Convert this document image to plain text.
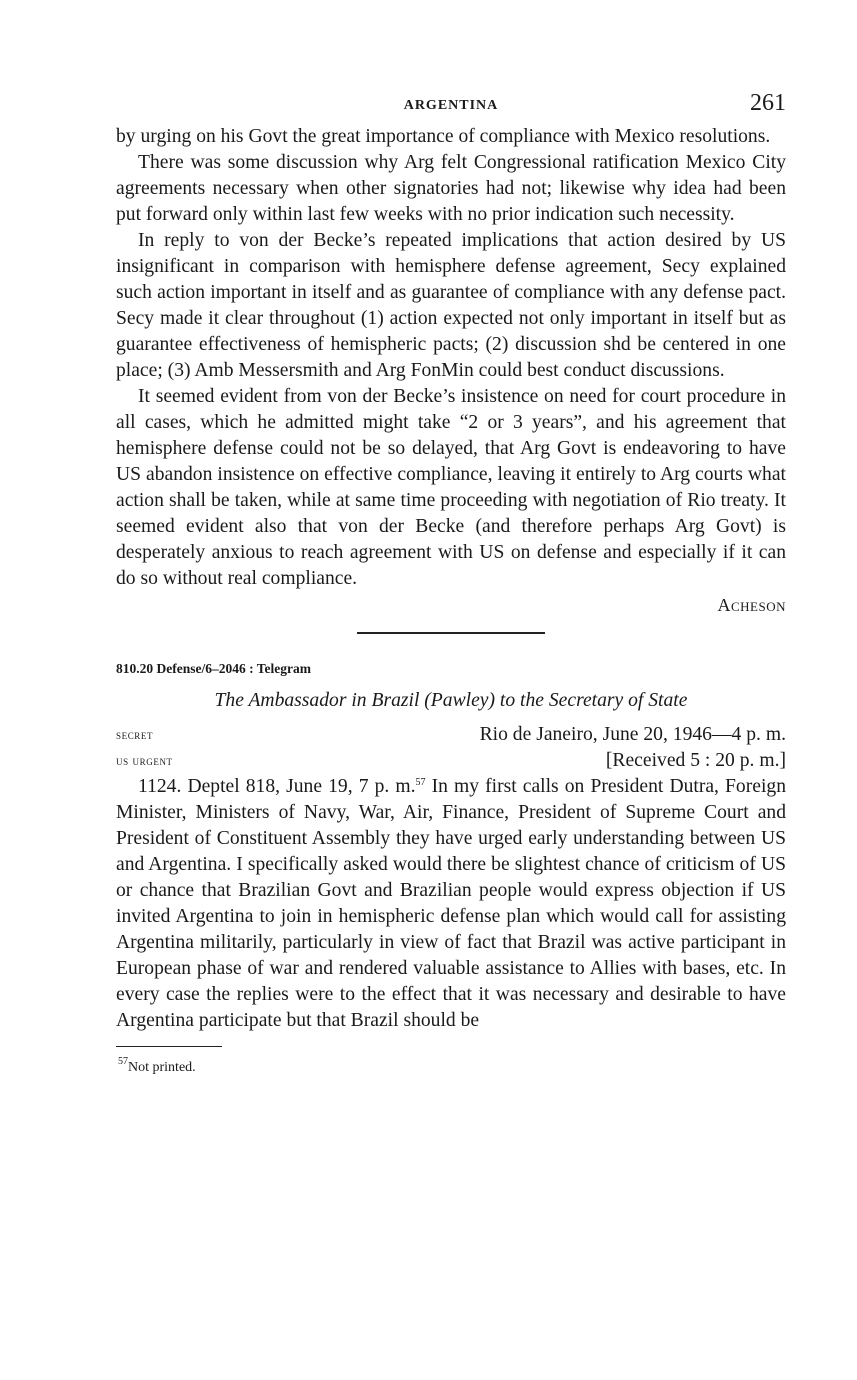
ARGENTINA	261

by urging on his Govt the great importance of compliance with Mexico resolutions.

There was some discussion why Arg felt Congressional ratification Mexico City agreements necessary when other signatories had not; likewise why idea had been put forward only within last few weeks with no prior indication such necessity.

In reply to von der Becke’s repeated implications that action desired by US insignificant in comparison with hemisphere defense agreement, Secy explained such action important in itself and as guarantee of compliance with any defense pact. Secy made it clear throughout (1) action expected not only important in itself but as guarantee effectiveness of hemispheric pacts; (2) discussion shd be centered in one place; (3) Amb Messersmith and Arg FonMin could best conduct discussions.

It seemed evident from von der Becke’s insistence on need for court procedure in all cases, which he admitted might take “2 or 3 years”, and his agreement that hemisphere defense could not be so delayed, that Arg Govt is endeavoring to have US abandon insistence on effective compliance, leaving it entirely to Arg courts what action shall be taken, while at same time proceeding with negotiation of Rio treaty. It seemed evident also that von der Becke (and therefore perhaps Arg Govt) is desperately anxious to reach agreement with US on defense and especially if it can do so without real compliance.

Acheson
810.20 Defense/6–2046 : Telegram
The Ambassador in Brazil (Pawley) to the Secretary of State
secret	Rio de Janeiro, June 20, 1946—4 p. m.
us urgent	[Received 5 : 20 p. m.]

1124. Deptel 818, June 19, 7 p. m.$^{57}$ In my first calls on President Dutra, Foreign Minister, Ministers of Navy, War, Air, Finance, President of Supreme Court and President of Constituent Assembly they have urged early understanding between US and Argentina. I specifically asked would there be slightest chance of criticism of US or chance that Brazilian Govt and Brazilian people would express objection if US invited Argentina to join in hemispheric defense plan which would call for assisting Argentina militarily, particularly in view of fact that Brazil was active participant in European phase of war and rendered valuable assistance to Allies with bases, etc. In every case the replies were to the effect that it was necessary and desirable to have Argentina participate but that Brazil should be

$^{57}$Not printed.
